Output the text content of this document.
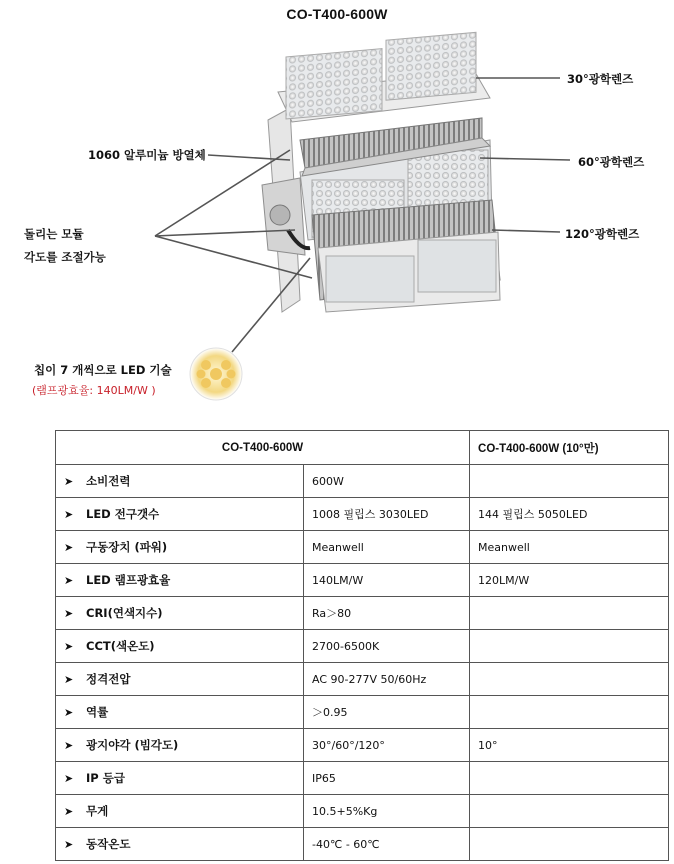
CO-T400-600W
30°광학렌즈
60°광학렌즈
120°광학렌즈
1060 알루미늄 방열체
돌리는 모듈
각도를 조절가능
칩이 7 개씩으로 LED 기술
(램프광효율: 140LM/W )
CO-T400-600W		CO-T400-600W (10°만)
➤ 소비전력	600W	
➤ LED 전구갯수	1008 필립스 3030LED	144 필립스 5050LED
➤ 구동장치 (파워)	Meanwell	Meanwell
➤ LED 램프광효율	140LM/W	120LM/W
➤ CRI(연색지수)	Ra＞80	
➤ CCT(색온도)	2700-6500K	
➤ 정격전압	AC 90-277V 50/60Hz	
➤ 역률	＞0.95	
➤ 광지야각 (빔각도)	30°/60°/120°	10°
➤ IP 등급	IP65	
➤ 무게	10.5+5%Kg	
➤ 동작온도	-40℃ - 60℃	
